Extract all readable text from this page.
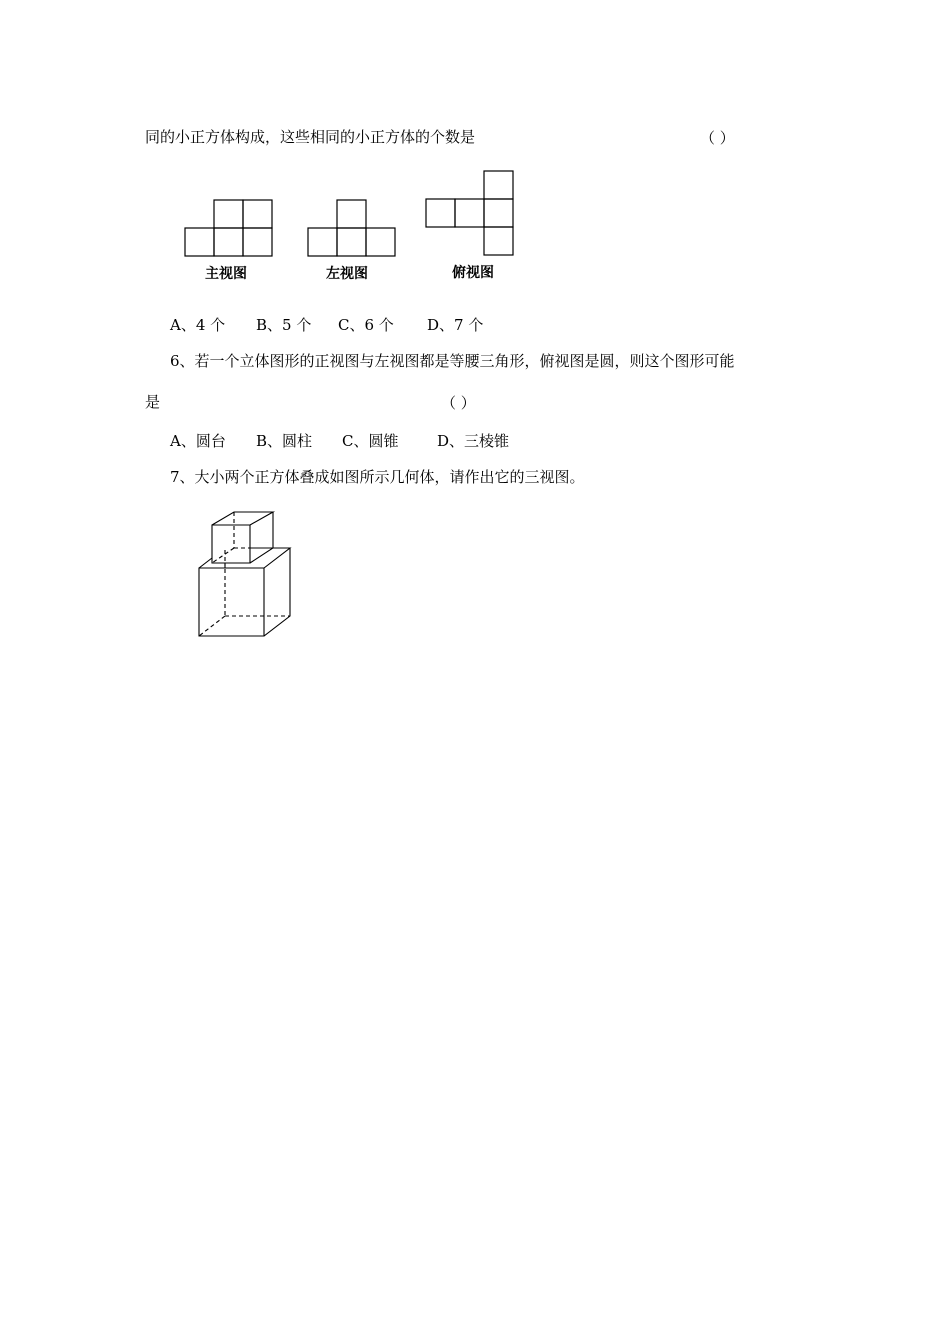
同的小正方体构成，这些相同的小正方体的个数是	（ ）
主视图	左视图	俯视图
A、4 个 B、5 个 C、6 个 D、7 个
6、若一个立体图形的正视图与左视图都是等腰三角形，俯视图是圆，则这个图形可能
是	（ ）
A、圆台 B、圆柱 C、圆锥	D、三棱锥
7、大小两个正方体叠成如图所示几何体，请作出它的三视图。
